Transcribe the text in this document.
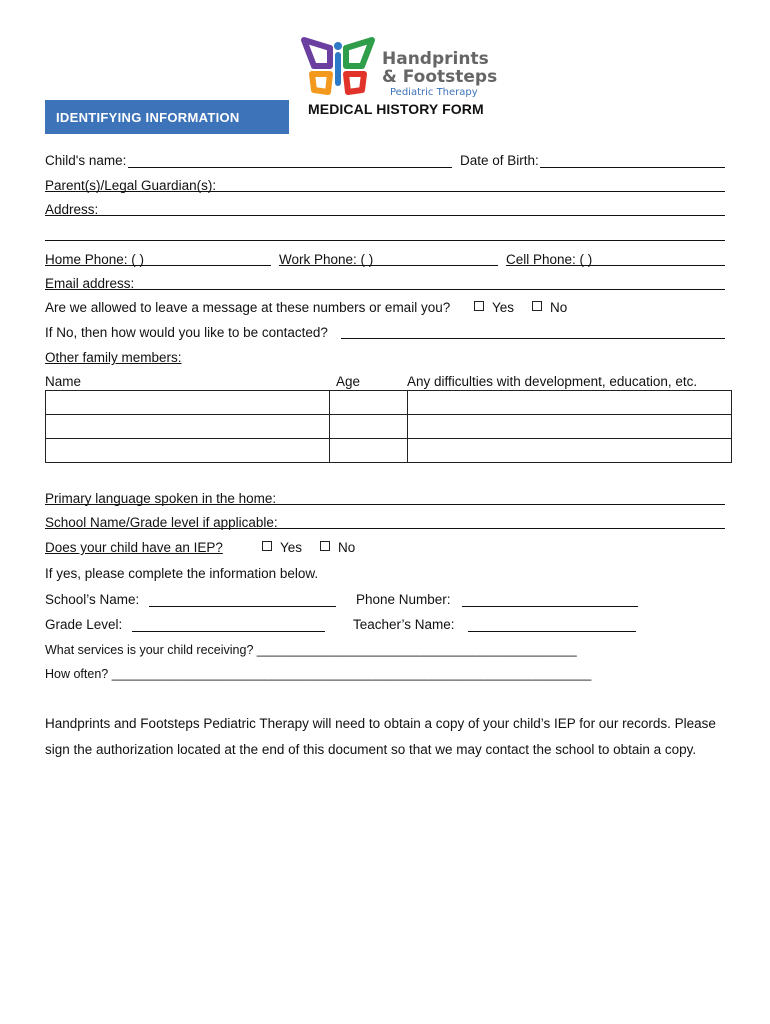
Handprints
& Footsteps
Pediatric Therapy
MEDICAL HISTORY FORM
IDENTIFYING INFORMATION
Child's name:	Date of Birth:
Parent(s)/Legal Guardian(s):
Address:
Home Phone: ( )	Work Phone: ( )	Cell Phone: ( )
Email address:
Are we allowed to leave a message at these numbers or email you?	Yes	No
If No, then how would you like to be contacted?
Other family members:
Name	Age	Any difficulties with development, education, etc.

Primary language spoken in the home:
School Name/Grade level if applicable:
Does your child have an IEP?	Yes	No
If yes, please complete the information below.
School’s Name:	Phone Number:
Grade Level:	Teacher’s Name:
What services is your child receiving? ______________________________________________
How often? _____________________________________________________________________
Handprints and Footsteps Pediatric Therapy will need to obtain a copy of your child’s IEP for our records. Please sign the authorization located at the end of this document so that we may contact the school to obtain a copy.
